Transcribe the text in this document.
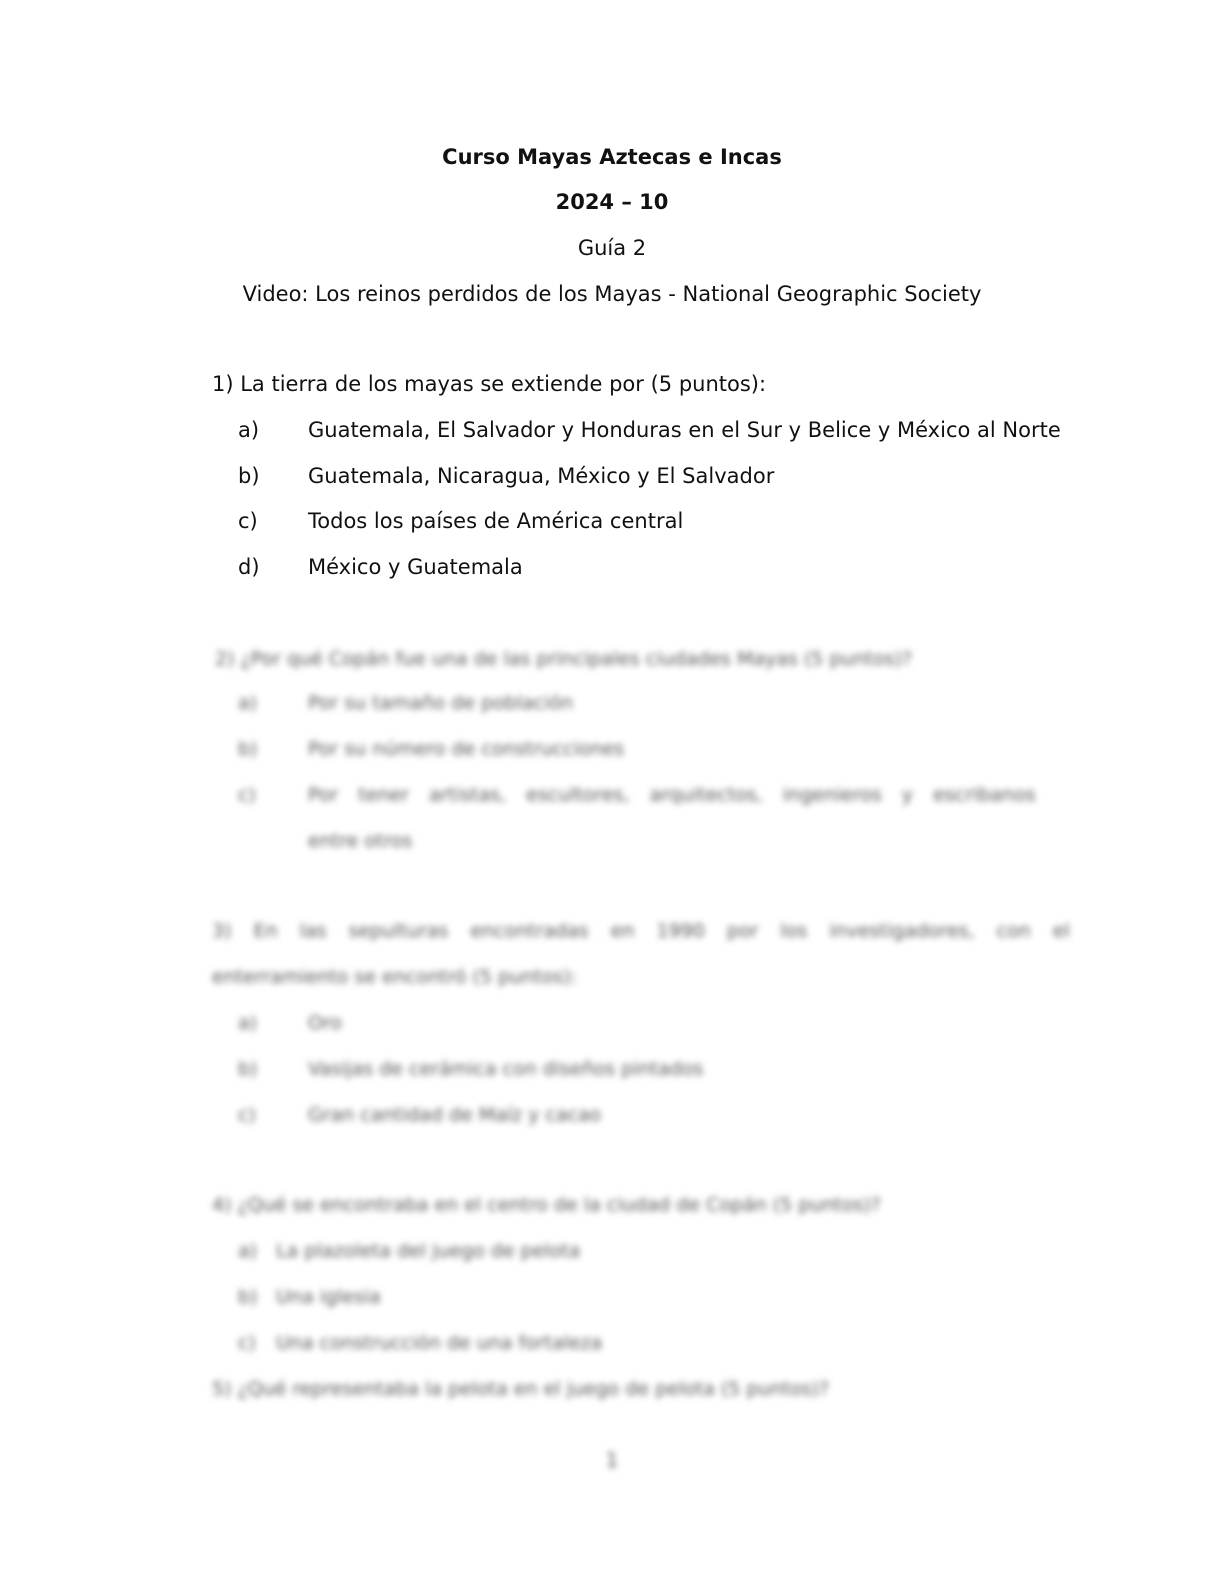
Curso Mayas Aztecas e Incas
2024 – 10
Guía 2
Video: Los reinos perdidos de los Mayas - National Geographic Society
1) La tierra de los mayas se extiende por (5 puntos):
a) Guatemala, El Salvador y Honduras en el Sur y Belice y México al Norte
b) Guatemala, Nicaragua, México y El Salvador
c) Todos los países de América central
d) México y Guatemala
2) ¿Por qué Copán fue una de las principales ciudades Mayas (5 puntos)?
a)	Por su tamaño de población
b)	Por su número de construcciones
c)	Por tener artistas, escultores, arquitectos, ingenieros y escribanos
entre otros
3) En las sepulturas encontradas en 1990 por los investigadores, con el
enterramiento se encontró (5 puntos):
a)	Oro
b)	Vasijas de cerámica con diseños pintados
c)	Gran cantidad de Maíz y cacao
4) ¿Qué se encontraba en el centro de la ciudad de Copán (5 puntos)?
a) La plazoleta del juego de pelota
b) Una iglesia
c) Una construcción de una fortaleza
5) ¿Qué representaba la pelota en el juego de pelota (5 puntos)?
1
